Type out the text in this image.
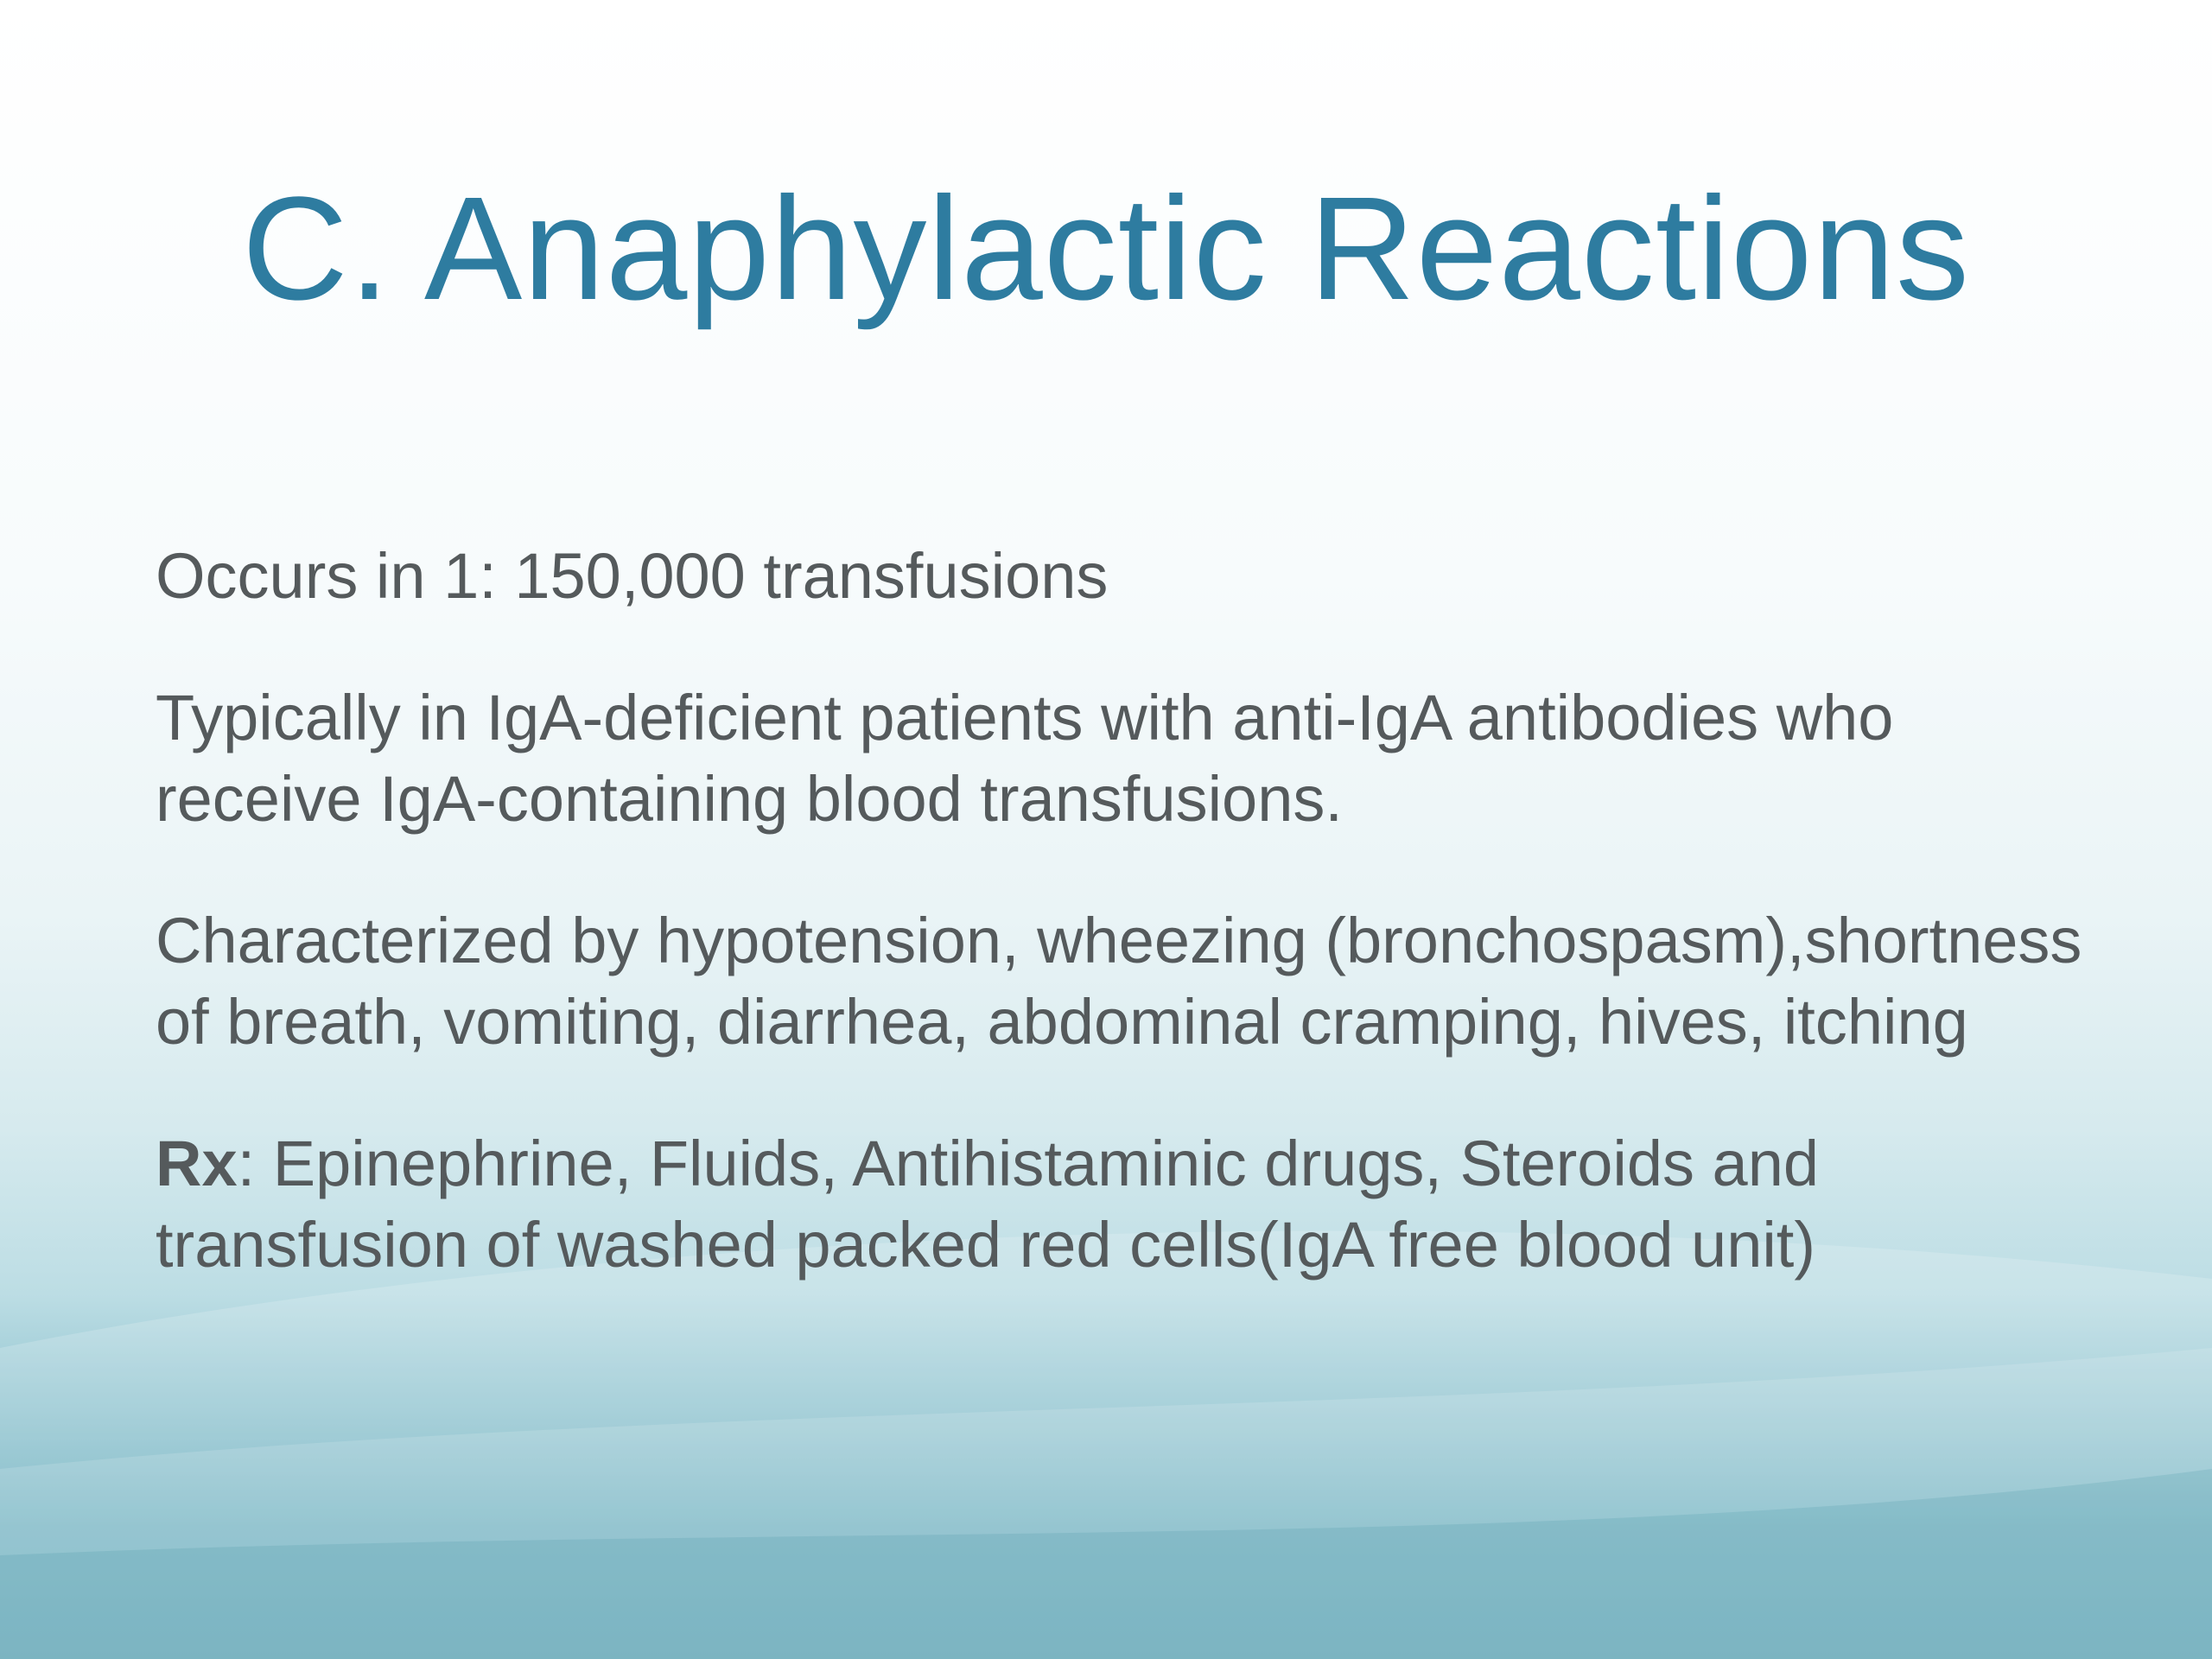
C. Anaphylactic Reactions

Occurs in 1: 150,000 transfusions

Typically in IgA-deficient patients with anti-IgA antibodies who receive IgA-containing blood transfusions.

Characterized by hypotension, wheezing (bronchospasm),shortness of breath, vomiting, diarrhea, abdominal cramping, hives, itching

Rx: Epinephrine, Fluids, Antihistaminic drugs, Steroids and transfusion of washed packed red cells(IgA free blood unit)
